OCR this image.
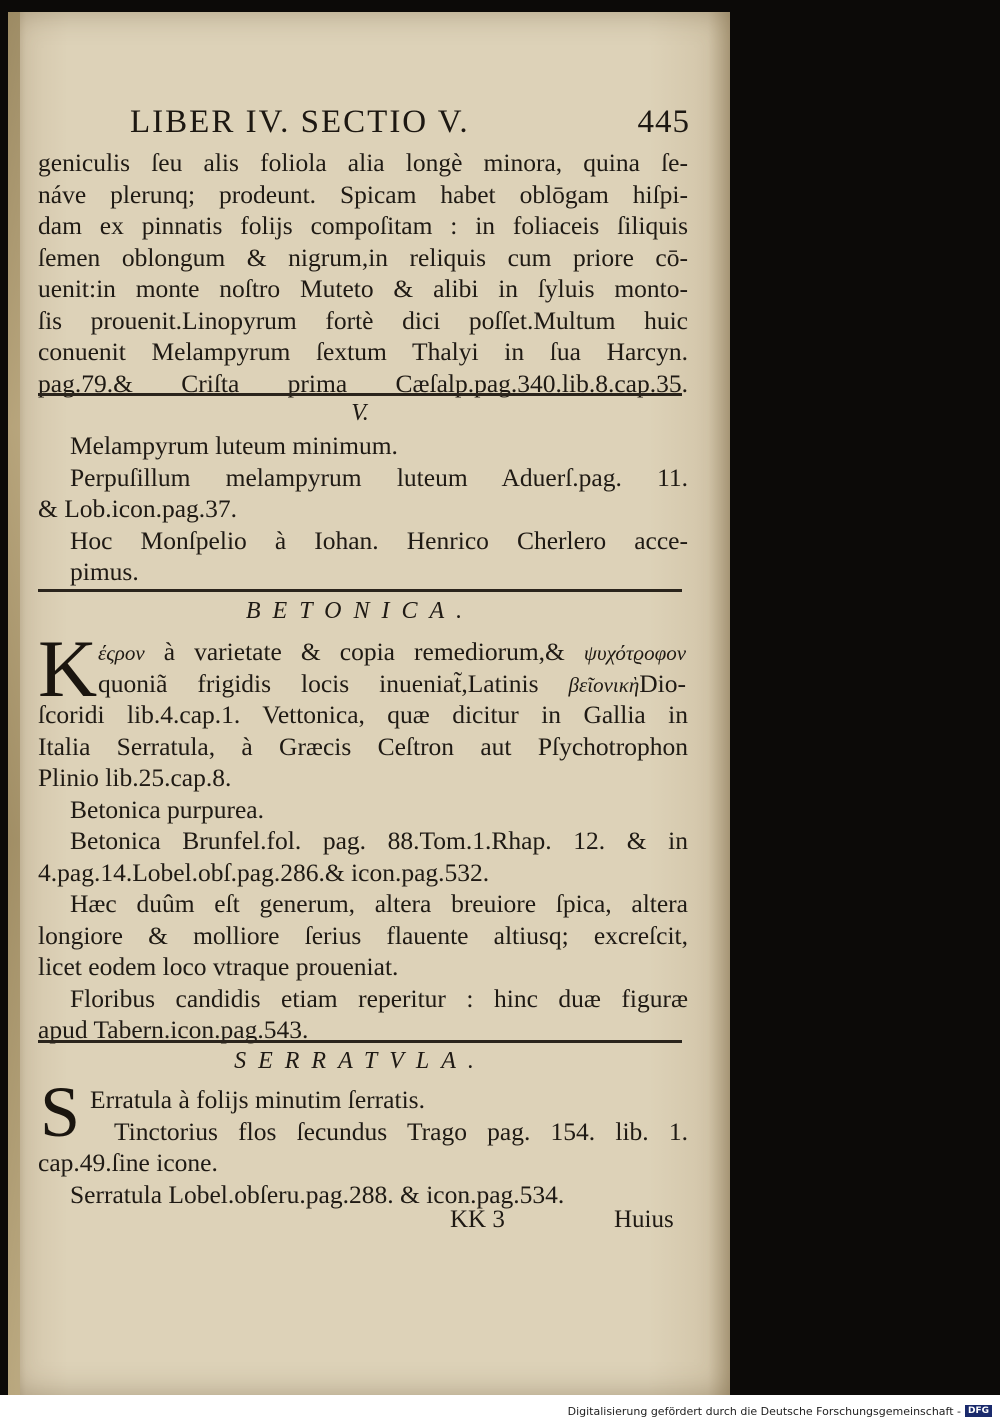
LIBER IV. SECTIO V.	445
geniculis ſeu alis foliola alia longè minora, quina ſe-
náve plerunq; prodeunt. Spicam habet oblōgam hiſpi-
dam ex pinnatis folijs compoſitam : in foliaceis ſiliquis
ſemen oblongum & nigrum,in reliquis cum priore cō-
uenit:in monte noſtro Muteto & alibi in ſyluis monto-
ſis prouenit.Linopyrum fortè dici poſſet.Multum huic
conuenit Melampyrum ſextum Thalyi in ſua Harcyn.
pag.79.& Criſta prima Cæſalp.pag.340.lib.8.cap.35.
V.
Melampyrum luteum minimum.
Perpuſillum melampyrum luteum Aduerſ.pag. 11.
& Lob.icon.pag.37.
Hoc Monſpelio à Iohan. Henrico Cherlero acce-
pimus.
BETONICA.
K έςρον à varietate & copia remediorum,& ψυχότϱοφον
quoniã frigidis locis inueniat̃,Latinis βεῖονικὴDio-
ſcoridi lib.4.cap.1. Vettonica, quæ dicitur in Gallia in
Italia Serratula, à Græcis Ceſtron aut Pſychotrophon
Plinio lib.25.cap.8.
Betonica purpurea.
Betonica Brunfel.fol. pag. 88.Tom.1.Rhap. 12. & in
4.pag.14.Lobel.obſ.pag.286.& icon.pag.532.
Hæc duûm eſt generum, altera breuiore ſpica, altera
longiore & molliore ſerius flauente altiusq; excreſcit,
licet eodem loco vtraque proueniat.
Floribus candidis etiam reperitur : hinc duæ figuræ
apud Tabern.icon.pag.543.
SERRATVLA.
S Erratula à folijs minutim ſerratis.
Tinctorius flos ſecundus Trago pag. 154. lib. 1.
cap.49.ſine icone.
Serratula Lobel.obſeru.pag.288. & icon.pag.534.
KK 3	Huius
Digitalisierung gefördert durch die Deutsche Forschungsgemeinschaft - DFG
